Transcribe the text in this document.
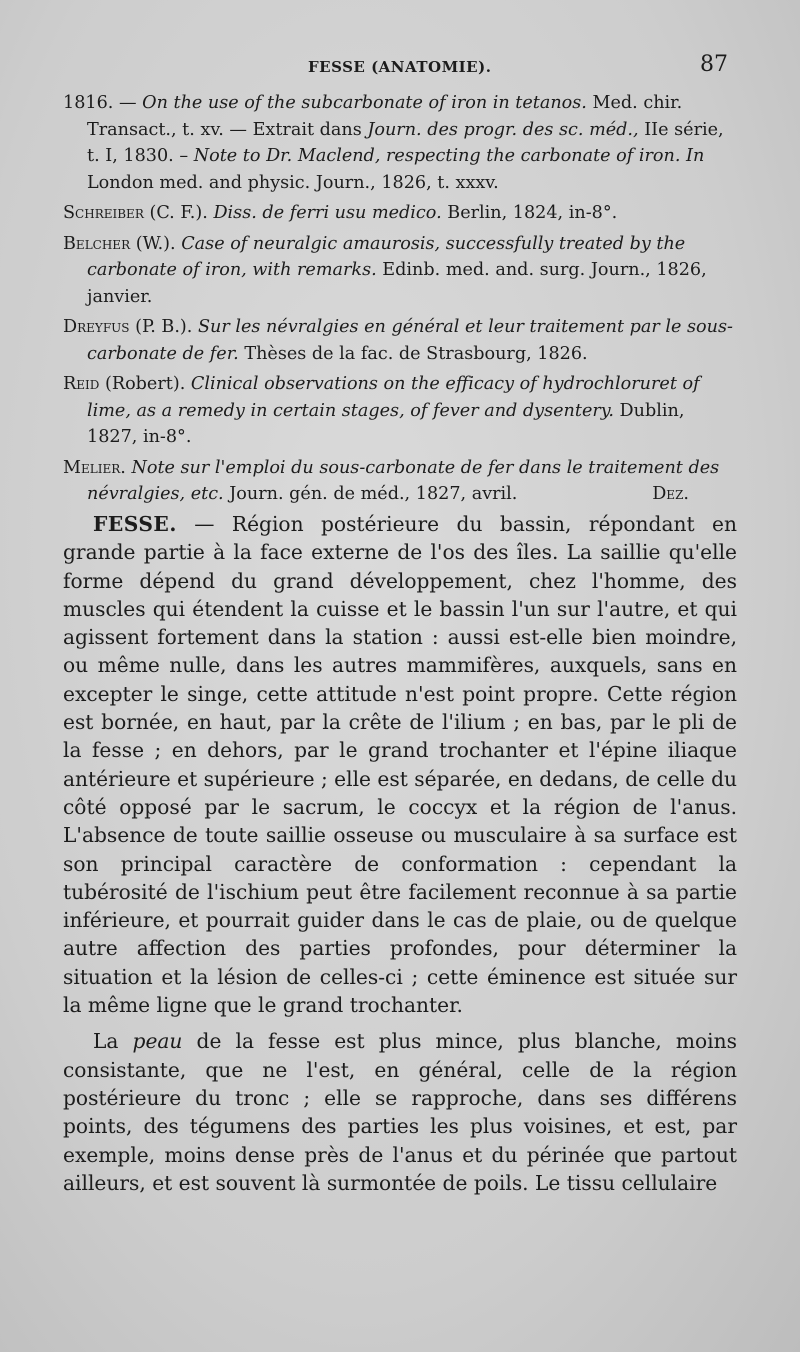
FESSE (ANATOMIE).	87
1816. — On the use of the subcarbonate of iron in tetanos. Med. chir. Transact., t. xv. — Extrait dans Journ. des progr. des sc. méd., IIe série, t. I, 1830. – Note to Dr. Maclend, respecting the carbonate of iron. In London med. and physic. Journ., 1826, t. xxxv.
Schreiber (C. F.). Diss. de ferri usu medico. Berlin, 1824, in-8°.
Belcher (W.). Case of neuralgic amaurosis, successfully treated by the carbonate of iron, with remarks. Edinb. med. and. surg. Journ., 1826, janvier.
Dreyfus (P. B.). Sur les névralgies en général et leur traitement par le sous-carbonate de fer. Thèses de la fac. de Strasbourg, 1826.
Reid (Robert). Clinical observations on the efficacy of hydrochloruret of lime, as a remedy in certain stages, of fever and dysentery. Dublin, 1827, in-8°.
Melier. Note sur l'emploi du sous-carbonate de fer dans le traitement des névralgies, etc. Journ. gén. de méd., 1827, avril.	Dez.

FESSE. — Région postérieure du bassin, répondant en grande partie à la face externe de l'os des îles. La saillie qu'elle forme dépend du grand développement, chez l'homme, des muscles qui étendent la cuisse et le bassin l'un sur l'autre, et qui agissent fortement dans la station : aussi est-elle bien moindre, ou même nulle, dans les autres mammifères, auxquels, sans en excepter le singe, cette attitude n'est point propre. Cette région est bornée, en haut, par la crête de l'ilium ; en bas, par le pli de la fesse ; en dehors, par le grand trochanter et l'épine iliaque antérieure et supérieure ; elle est séparée, en dedans, de celle du côté opposé par le sacrum, le coccyx et la région de l'anus. L'absence de toute saillie osseuse ou musculaire à sa surface est son principal caractère de conformation : cependant la tubérosité de l'ischium peut être facilement reconnue à sa partie inférieure, et pourrait guider dans le cas de plaie, ou de quelque autre affection des parties profondes, pour déterminer la situation et la lésion de celles-ci ; cette éminence est située sur la même ligne que le grand trochanter.

La peau de la fesse est plus mince, plus blanche, moins consistante, que ne l'est, en général, celle de la région postérieure du tronc ; elle se rapproche, dans ses différens points, des tégumens des parties les plus voisines, et est, par exemple, moins dense près de l'anus et du périnée que partout ailleurs, et est souvent là surmontée de poils. Le tissu cellulaire
